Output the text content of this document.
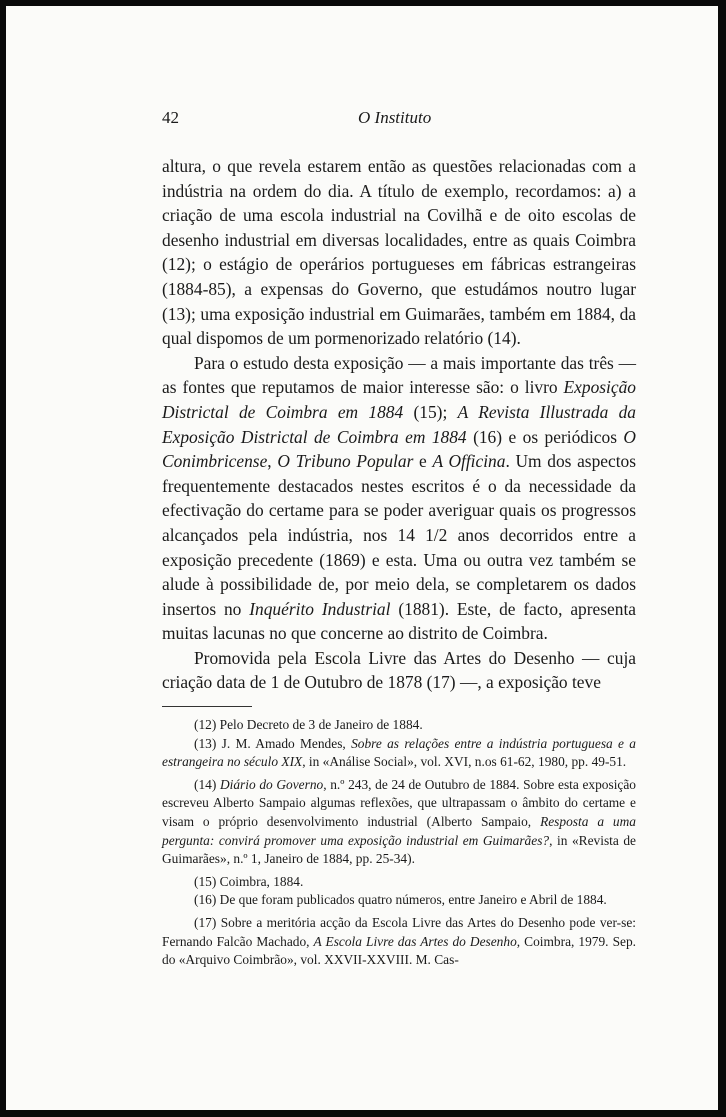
42	O Instituto

altura, o que revela estarem então as questões relacionadas com a indústria na ordem do dia. A título de exemplo, recordamos: a) a criação de uma escola industrial na Covilhã e de oito escolas de desenho industrial em diversas localidades, entre as quais Coimbra (12); o estágio de operários portugueses em fábricas estrangeiras (1884-85), a expensas do Governo, que estudámos noutro lugar (13); uma exposição industrial em Guimarães, também em 1884, da qual dispomos de um pormenorizado relatório (14).

Para o estudo desta exposição — a mais importante das três — as fontes que reputamos de maior interesse são: o livro Exposição Districtal de Coimbra em 1884 (15); A Revista Illustrada da Exposição Districtal de Coimbra em 1884 (16) e os periódicos O Conimbricense, O Tribuno Popular e A Officina. Um dos aspectos frequentemente destacados nestes escritos é o da necessidade da efectivação do certame para se poder averiguar quais os progressos alcançados pela indústria, nos 14 1/2 anos decorridos entre a exposição precedente (1869) e esta. Uma ou outra vez também se alude à possibilidade de, por meio dela, se completarem os dados insertos no Inquérito Industrial (1881). Este, de facto, apresenta muitas lacunas no que concerne ao distrito de Coimbra.

Promovida pela Escola Livre das Artes do Desenho — cuja criação data de 1 de Outubro de 1878 (17) —, a exposição teve

(12) Pelo Decreto de 3 de Janeiro de 1884.

(13) J. M. Amado Mendes, Sobre as relações entre a indústria portuguesa e a estrangeira no século XIX, in «Análise Social», vol. XVI, n.os 61-62, 1980, pp. 49-51.

(14) Diário do Governo, n.º 243, de 24 de Outubro de 1884. Sobre esta exposição escreveu Alberto Sampaio algumas reflexões, que ultrapassam o âmbito do certame e visam o próprio desenvolvimento industrial (Alberto Sampaio, Resposta a uma pergunta: convirá promover uma exposição industrial em Guimarães?, in «Revista de Guimarães», n.º 1, Janeiro de 1884, pp. 25-34).

(15) Coimbra, 1884.

(16) De que foram publicados quatro números, entre Janeiro e Abril de 1884.

(17) Sobre a meritória acção da Escola Livre das Artes do Desenho pode ver-se: Fernando Falcão Machado, A Escola Livre das Artes do Desenho, Coimbra, 1979. Sep. do «Arquivo Coimbrão», vol. XXVII-XXVIII. M. Cas-
